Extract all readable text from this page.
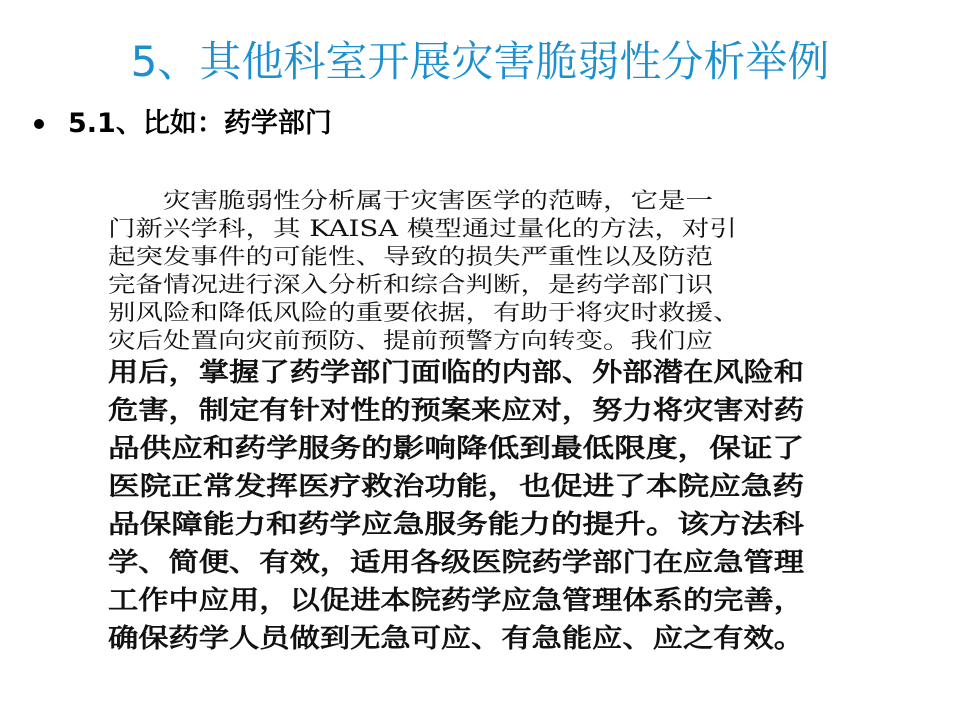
5、其他科室开展灾害脆弱性分析举例
5.1、比如：药学部门
　　灾害脆弱性分析属于灾害医学的范畴，它是一
门新兴学科，其 KAISA 模型通过量化的方法，对引
起突发事件的可能性、导致的损失严重性以及防范
完备情况进行深入分析和综合判断，是药学部门识
别风险和降低风险的重要依据，有助于将灾时救援、
灾后处置向灾前预防、提前预警方向转变。我们应
用后，掌握了药学部门面临的内部、外部潜在风险和
危害，制定有针对性的预案来应对，努力将灾害对药
品供应和药学服务的影响降低到最低限度，保证了
医院正常发挥医疗救治功能，也促进了本院应急药
品保障能力和药学应急服务能力的提升。该方法科
学、简便、有效，适用各级医院药学部门在应急管理
工作中应用，以促进本院药学应急管理体系的完善，
确保药学人员做到无急可应、有急能应、应之有效。
